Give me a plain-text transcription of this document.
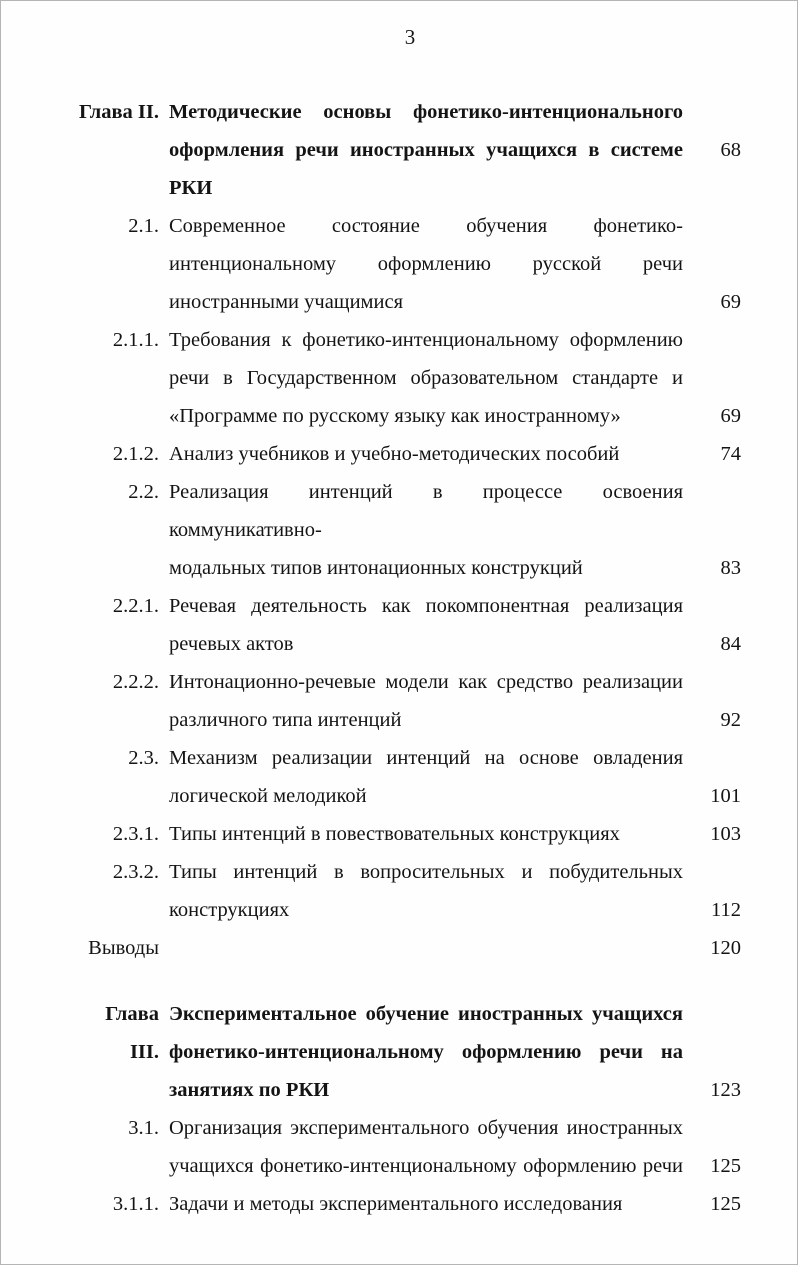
3
Глава II. Методические основы фонетико-интенционального
оформления речи иностранных учащихся в системе	68
РКИ
2.1. Современное состояние обучения фонетико-
интенциональному оформлению русской речи
иностранными учащимися	69
2.1.1. Требования к фонетико-интенциональному оформлению
речи в Государственном образовательном стандарте и
«Программе по русскому языку как иностранному»	69
2.1.2. Анализ учебников и учебно-методических пособий	74
2.2. Реализация интенций в процессе освоения коммуникативно-
модальных типов интонационных конструкций	83
2.2.1. Речевая деятельность как покомпонентная реализация
речевых актов	84
2.2.2. Интонационно-речевые модели как средство реализации
различного типа интенций	92
2.3. Механизм реализации интенций на основе овладения
логической мелодикой	101
2.3.1. Типы интенций в повествовательных конструкциях	103
2.3.2. Типы интенций в вопросительных и побудительных
конструкциях	112
Выводы	120
Глава Экспериментальное обучение иностранных учащихся
III. фонетико-интенциональному оформлению речи на
занятиях по РКИ	123
3.1. Организация экспериментального обучения иностранных
учащихся фонетико-интенциональному оформлению речи	125
3.1.1. Задачи и методы экспериментального исследования	125
